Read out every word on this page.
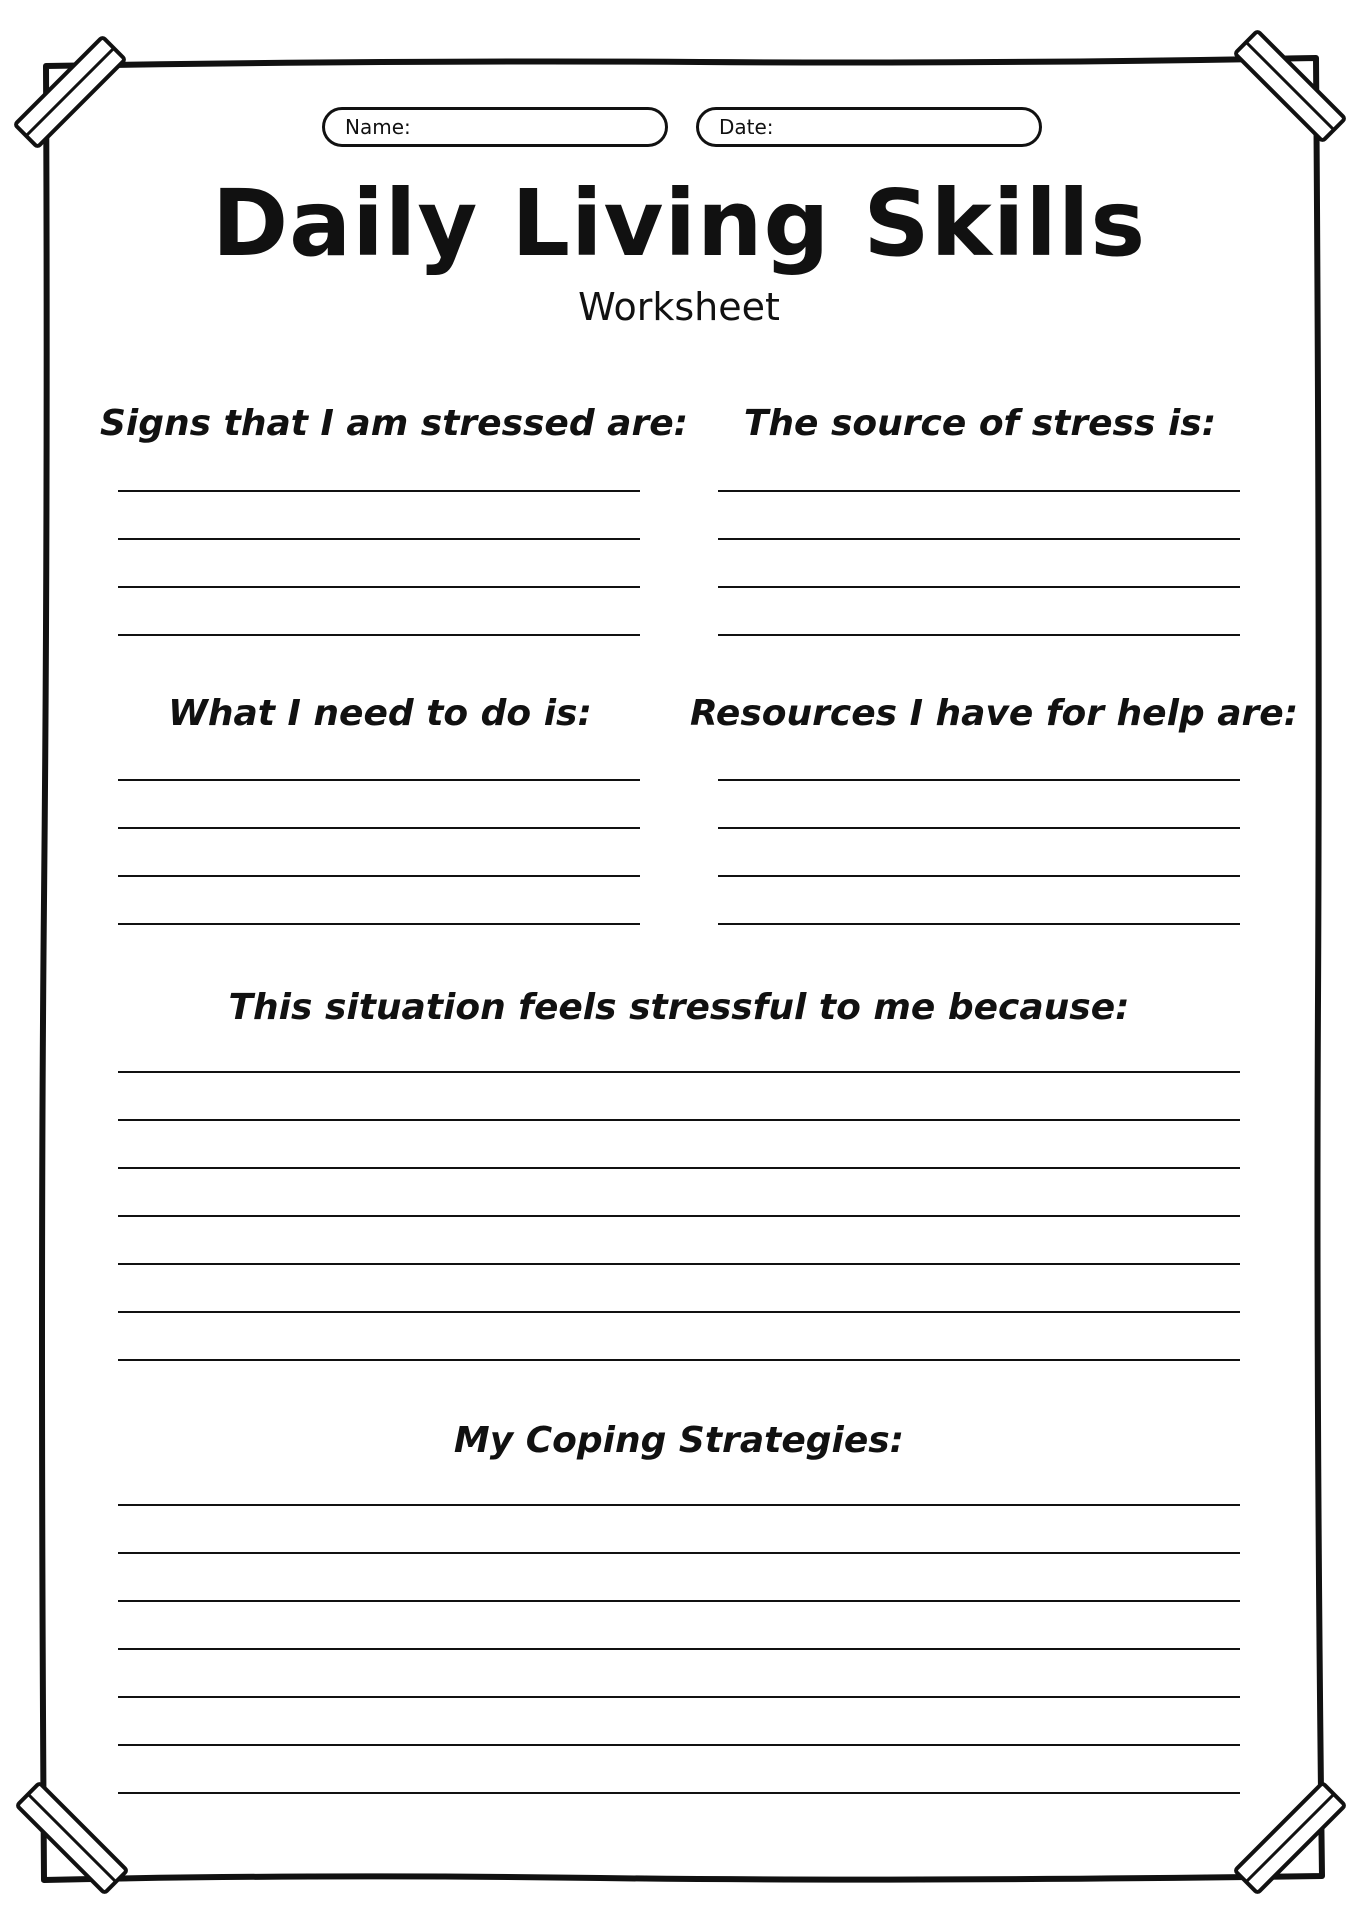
Name:	Date:
Daily Living Skills
Worksheet
Signs that I am stressed are:	The source of stress is:
What I need to do is:	Resources I have for help are:
This situation feels stressful to me because:
My Coping Strategies:
